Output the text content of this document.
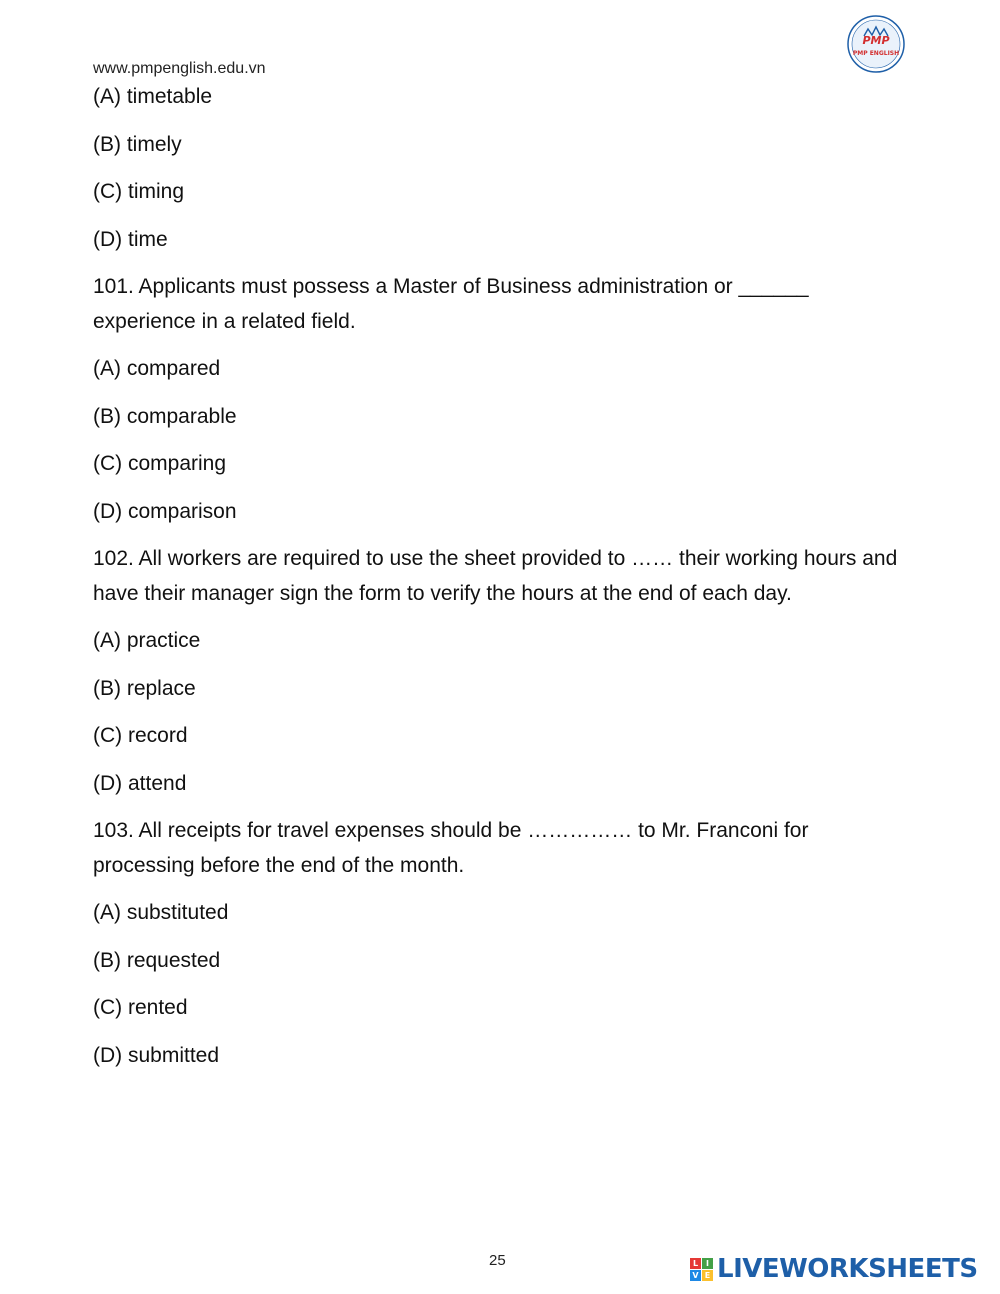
www.pmpenglish.edu.vn
PMP
PMP ENGLISH
(A) timetable
(B) timely
(C) timing
(D) time
101. Applicants must possess a Master of Business administration or ______ experience in a related field.
(A) compared
(B) comparable
(C) comparing
(D) comparison
102. All workers are required to use the sheet provided to …… their working hours and have their manager sign the form to verify the hours at the end of each day.
(A) practice
(B) replace
(C) record
(D) attend
103. All receipts for travel expenses should be …………… to Mr. Franconi for processing before the end of the month.
(A) substituted
(B) requested
(C) rented
(D) submitted
25	L I
V E LIVEWORKSHEETS
